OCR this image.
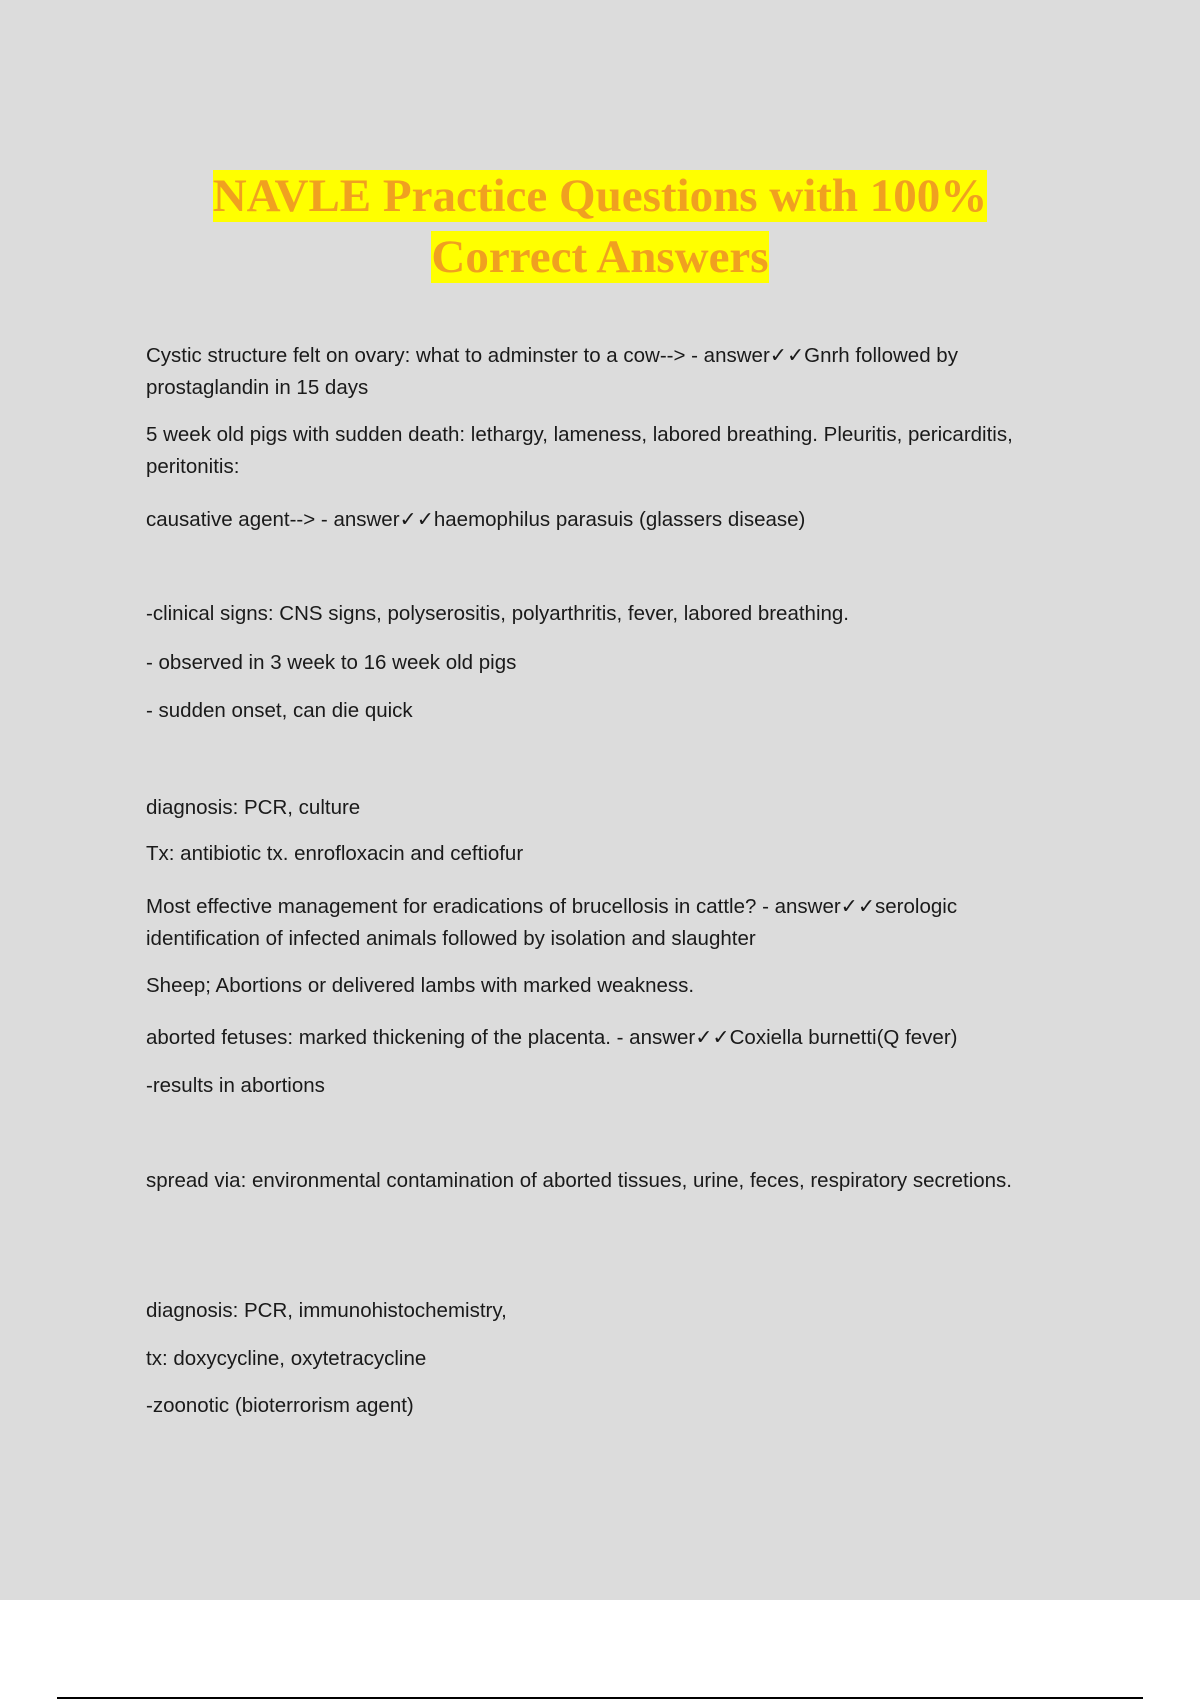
NAVLE Practice Questions with 100%
Correct Answers

Cystic structure felt on ovary: what to adminster to a cow--> - answer✓✓Gnrh followed by prostaglandin in 15 days

5 week old pigs with sudden death: lethargy, lameness, labored breathing. Pleuritis, pericarditis, peritonitis:

causative agent--> - answer✓✓haemophilus parasuis (glassers disease)

-clinical signs: CNS signs, polyserositis, polyarthritis, fever, labored breathing.

- observed in 3 week to 16 week old pigs

- sudden onset, can die quick

diagnosis: PCR, culture

Tx: antibiotic tx. enrofloxacin and ceftiofur

Most effective management for eradications of brucellosis in cattle? - answer✓✓serologic identification of infected animals followed by isolation and slaughter

Sheep; Abortions or delivered lambs with marked weakness.

aborted fetuses: marked thickening of the placenta. - answer✓✓Coxiella burnetti(Q fever)

-results in abortions

spread via: environmental contamination of aborted tissues, urine, feces, respiratory secretions.

diagnosis: PCR, immunohistochemistry,

tx: doxycycline, oxytetracycline

-zoonotic (bioterrorism agent)
